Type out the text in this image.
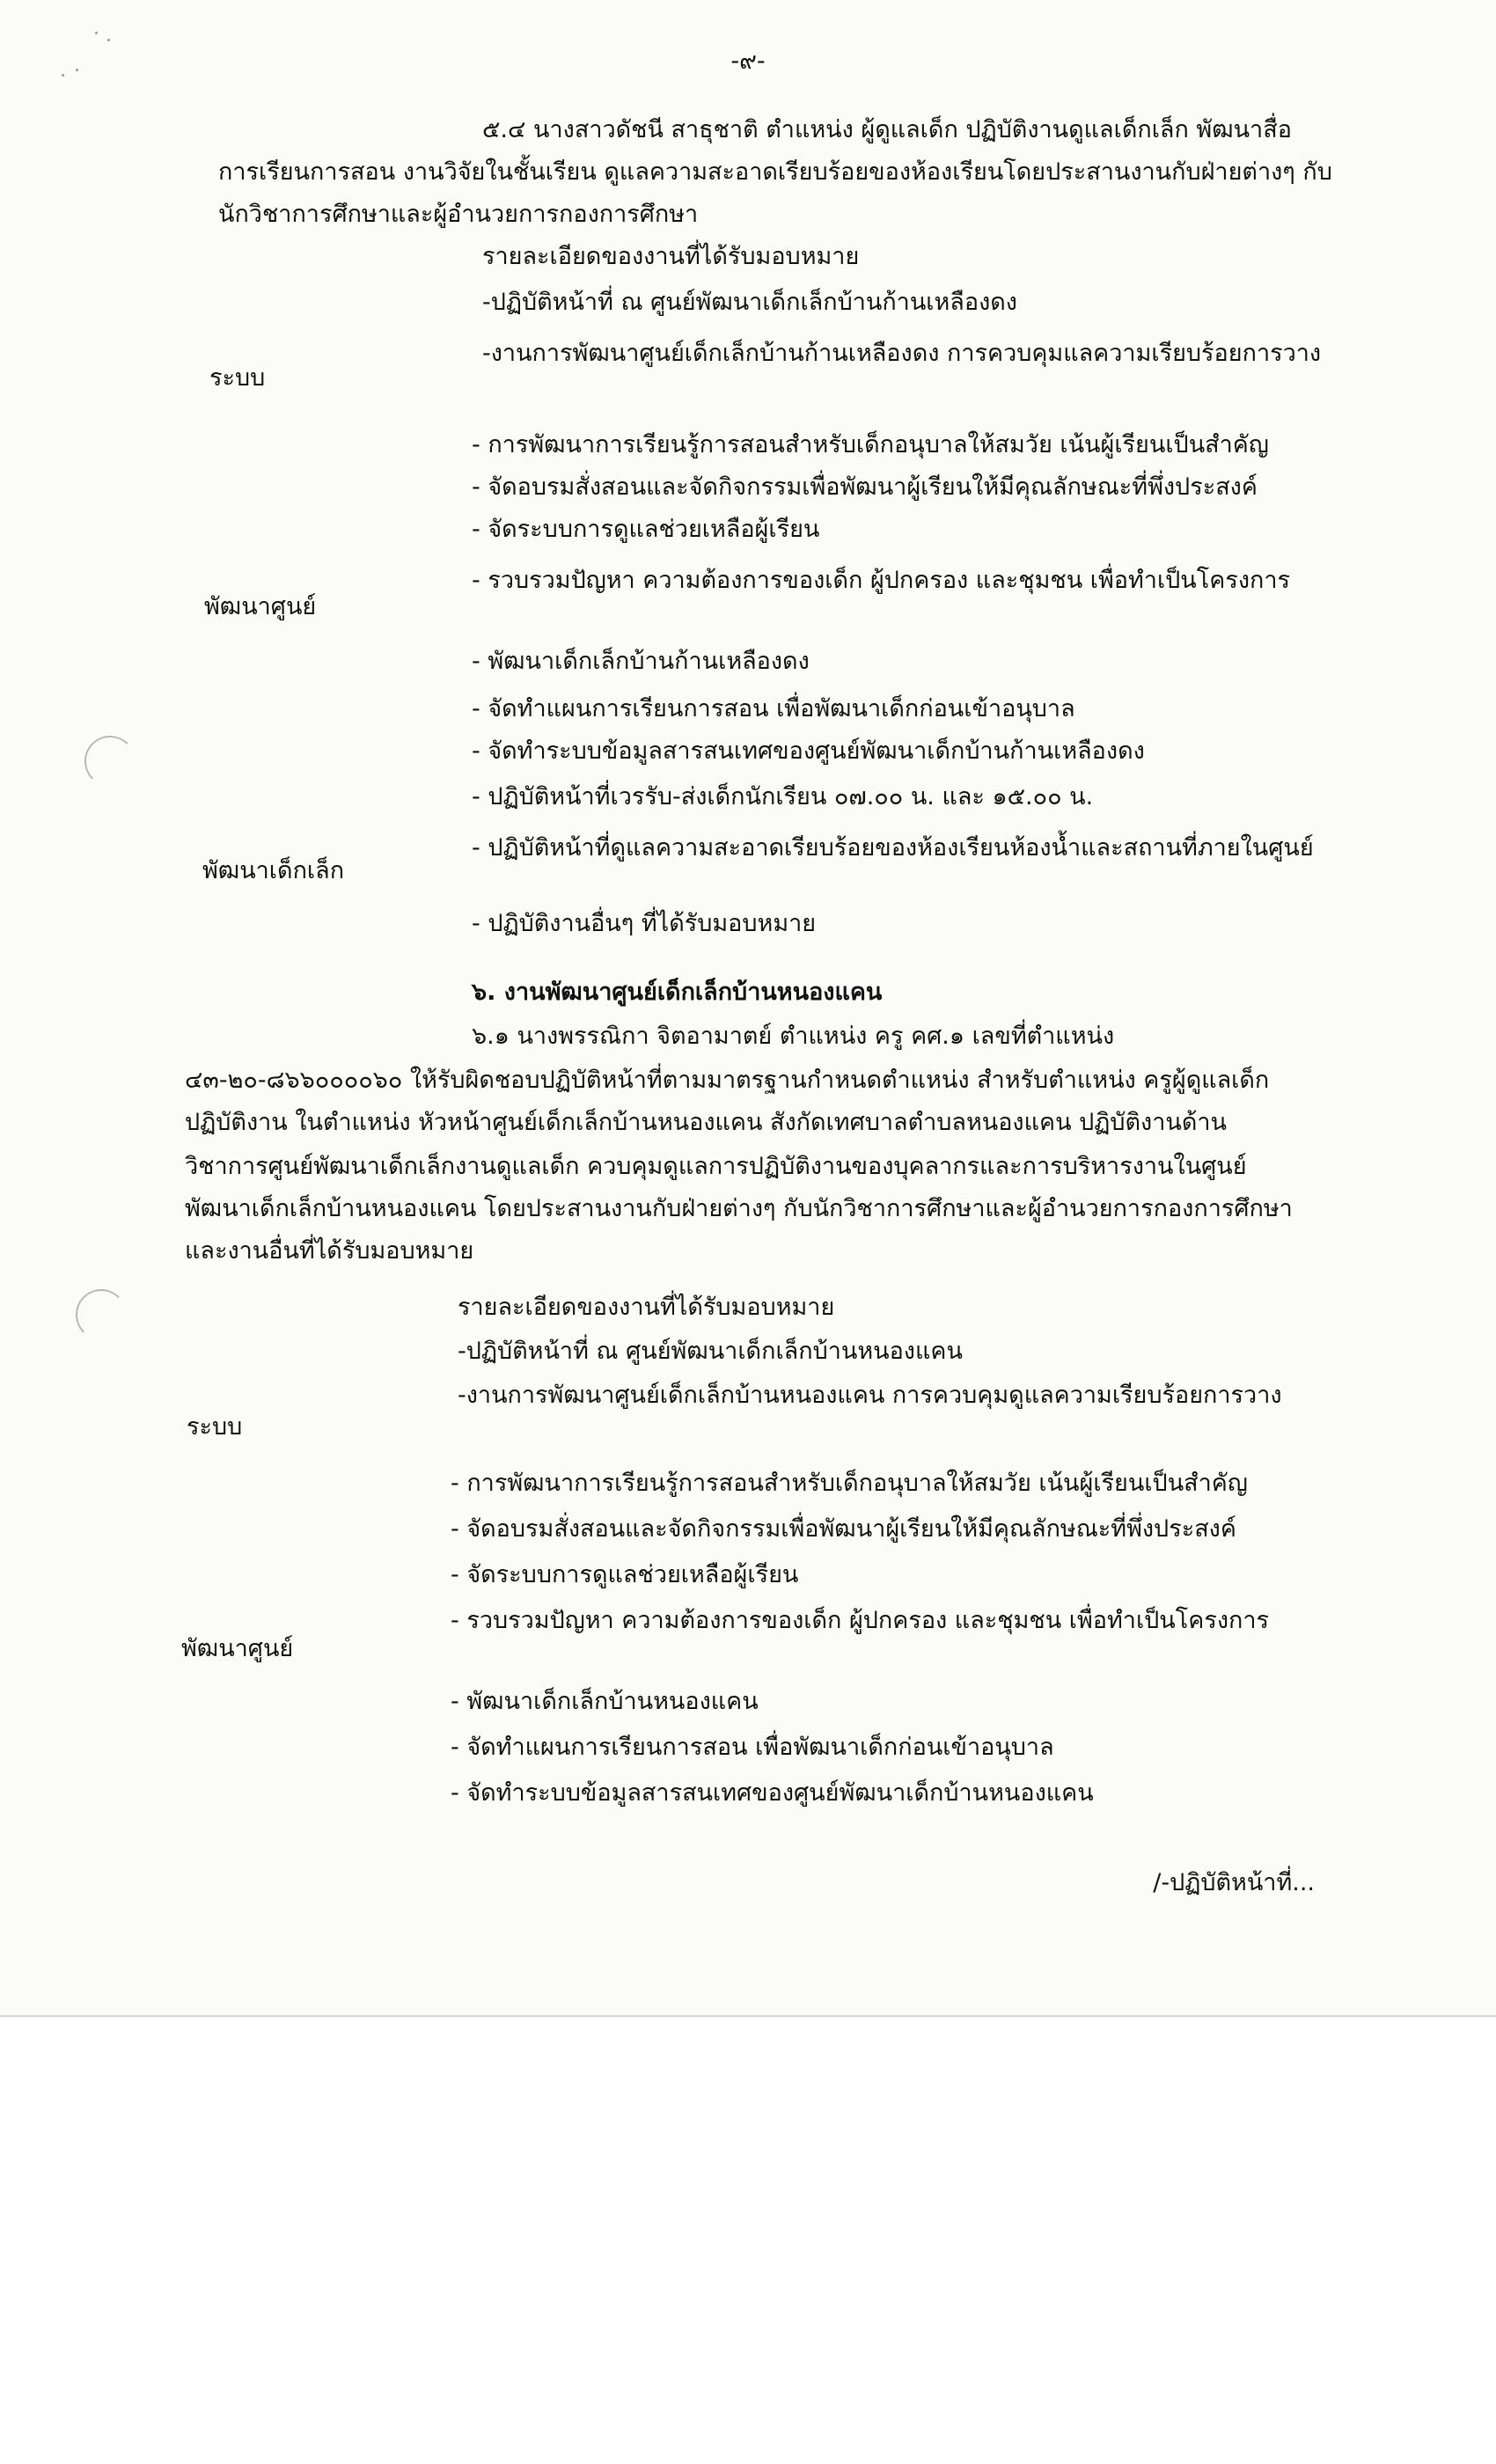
-๙-
๕.๔ นางสาวดัชนี สาธุชาติ ตำแหน่ง ผู้ดูแลเด็ก ปฏิบัติงานดูแลเด็กเล็ก พัฒนาสื่อ
การเรียนการสอน งานวิจัยในชั้นเรียน ดูแลความสะอาดเรียบร้อยของห้องเรียนโดยประสานงานกับฝ่ายต่างๆ กับ
นักวิชาการศึกษาและผู้อำนวยการกองการศึกษา
รายละเอียดของงานที่ได้รับมอบหมาย
-ปฏิบัติหน้าที่ ณ ศูนย์พัฒนาเด็กเล็กบ้านก้านเหลืองดง
-งานการพัฒนาศูนย์เด็กเล็กบ้านก้านเหลืองดง การควบคุมแลความเรียบร้อยการวาง
ระบบ
- การพัฒนาการเรียนรู้การสอนสำหรับเด็กอนุบาลให้สมวัย เน้นผู้เรียนเป็นสำคัญ
- จัดอบรมสั่งสอนและจัดกิจกรรมเพื่อพัฒนาผู้เรียนให้มีคุณลักษณะที่พึ่งประสงค์
- จัดระบบการดูแลช่วยเหลือผู้เรียน
- รวบรวมปัญหา ความต้องการของเด็ก ผู้ปกครอง และชุมชน เพื่อทำเป็นโครงการ
พัฒนาศูนย์
- พัฒนาเด็กเล็กบ้านก้านเหลืองดง
- จัดทำแผนการเรียนการสอน เพื่อพัฒนาเด็กก่อนเข้าอนุบาล
- จัดทำระบบข้อมูลสารสนเทศของศูนย์พัฒนาเด็กบ้านก้านเหลืองดง
- ปฏิบัติหน้าที่เวรรับ-ส่งเด็กนักเรียน ๐๗.๐๐ น. และ ๑๕.๐๐ น.
- ปฏิบัติหน้าที่ดูแลความสะอาดเรียบร้อยของห้องเรียนห้องน้ำและสถานที่ภายในศูนย์
พัฒนาเด็กเล็ก
- ปฏิบัติงานอื่นๆ ที่ได้รับมอบหมาย
๖. งานพัฒนาศูนย์เด็กเล็กบ้านหนองแคน
๖.๑ นางพรรณิกา จิตอามาตย์ ตำแหน่ง ครู คศ.๑ เลขที่ตำแหน่ง
๔๓-๒๐-๘๖๖๐๐๐๐๖๐ ให้รับผิดชอบปฏิบัติหน้าที่ตามมาตรฐานกำหนดตำแหน่ง สำหรับตำแหน่ง ครูผู้ดูแลเด็ก
ปฏิบัติงาน ในตำแหน่ง หัวหน้าศูนย์เด็กเล็กบ้านหนองแคน สังกัดเทศบาลตำบลหนองแคน ปฏิบัติงานด้าน
วิชาการศูนย์พัฒนาเด็กเล็กงานดูแลเด็ก ควบคุมดูแลการปฏิบัติงานของบุคลากรและการบริหารงานในศูนย์
พัฒนาเด็กเล็กบ้านหนองแคน โดยประสานงานกับฝ่ายต่างๆ กับนักวิชาการศึกษาและผู้อำนวยการกองการศึกษา
และงานอื่นที่ได้รับมอบหมาย
รายละเอียดของงานที่ได้รับมอบหมาย
-ปฏิบัติหน้าที่ ณ ศูนย์พัฒนาเด็กเล็กบ้านหนองแคน
-งานการพัฒนาศูนย์เด็กเล็กบ้านหนองแคน การควบคุมดูแลความเรียบร้อยการวาง
ระบบ
- การพัฒนาการเรียนรู้การสอนสำหรับเด็กอนุบาลให้สมวัย เน้นผู้เรียนเป็นสำคัญ
- จัดอบรมสั่งสอนและจัดกิจกรรมเพื่อพัฒนาผู้เรียนให้มีคุณลักษณะที่พึ่งประสงค์
- จัดระบบการดูแลช่วยเหลือผู้เรียน
- รวบรวมปัญหา ความต้องการของเด็ก ผู้ปกครอง และชุมชน เพื่อทำเป็นโครงการ
พัฒนาศูนย์
- พัฒนาเด็กเล็กบ้านหนองแคน
- จัดทำแผนการเรียนการสอน เพื่อพัฒนาเด็กก่อนเข้าอนุบาล
- จัดทำระบบข้อมูลสารสนเทศของศูนย์พัฒนาเด็กบ้านหนองแคน
/-ปฏิบัติหน้าที่...
